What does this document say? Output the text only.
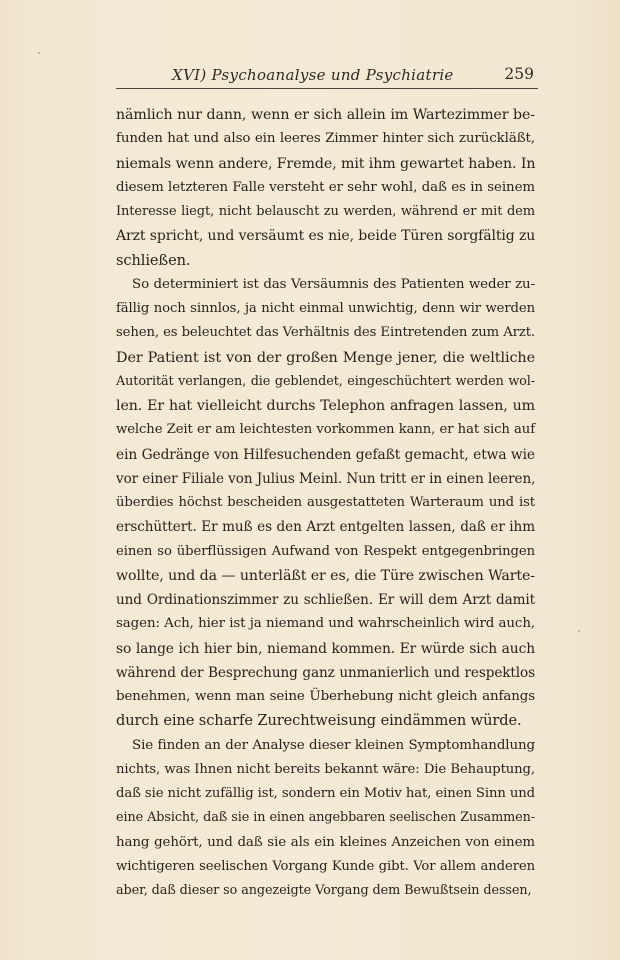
XVI) Psychoanalyse und Psychiatrie	259
nämlich nur dann, wenn er sich allein im Wartezimmer be-
funden hat und also ein leeres Zimmer hinter sich zurückläßt,
niemals wenn andere, Fremde, mit ihm gewartet haben. In
diesem letzteren Falle versteht er sehr wohl, daß es in seinem
Interesse liegt, nicht belauscht zu werden, während er mit dem
Arzt spricht, und versäumt es nie, beide Türen sorgfältig zu
schließen.
So determiniert ist das Versäumnis des Patienten weder zu-
fällig noch sinnlos, ja nicht einmal unwichtig, denn wir werden
sehen, es beleuchtet das Verhältnis des Eintretenden zum Arzt.
Der Patient ist von der großen Menge jener, die weltliche
Autorität verlangen, die geblendet, eingeschüchtert werden wol-
len. Er hat vielleicht durchs Telephon anfragen lassen, um
welche Zeit er am leichtesten vorkommen kann, er hat sich auf
ein Gedränge von Hilfesuchenden gefaßt gemacht, etwa wie
vor einer Filiale von Julius Meinl. Nun tritt er in einen leeren,
überdies höchst bescheiden ausgestatteten Warteraum und ist
erschüttert. Er muß es den Arzt entgelten lassen, daß er ihm
einen so überflüssigen Aufwand von Respekt entgegenbringen
wollte, und da — unterläßt er es, die Türe zwischen Warte-
und Ordinationszimmer zu schließen. Er will dem Arzt damit
sagen: Ach, hier ist ja niemand und wahrscheinlich wird auch,
so lange ich hier bin, niemand kommen. Er würde sich auch
während der Besprechung ganz unmanierlich und respektlos
benehmen, wenn man seine Überhebung nicht gleich anfangs
durch eine scharfe Zurechtweisung eindämmen würde.
Sie finden an der Analyse dieser kleinen Symptomhandlung
nichts, was Ihnen nicht bereits bekannt wäre: Die Behauptung,
daß sie nicht zufällig ist, sondern ein Motiv hat, einen Sinn und
eine Absicht, daß sie in einen angebbaren seelischen Zusammen-
hang gehört, und daß sie als ein kleines Anzeichen von einem
wichtigeren seelischen Vorgang Kunde gibt. Vor allem anderen
aber, daß dieser so angezeigte Vorgang dem Bewußtsein dessen,
